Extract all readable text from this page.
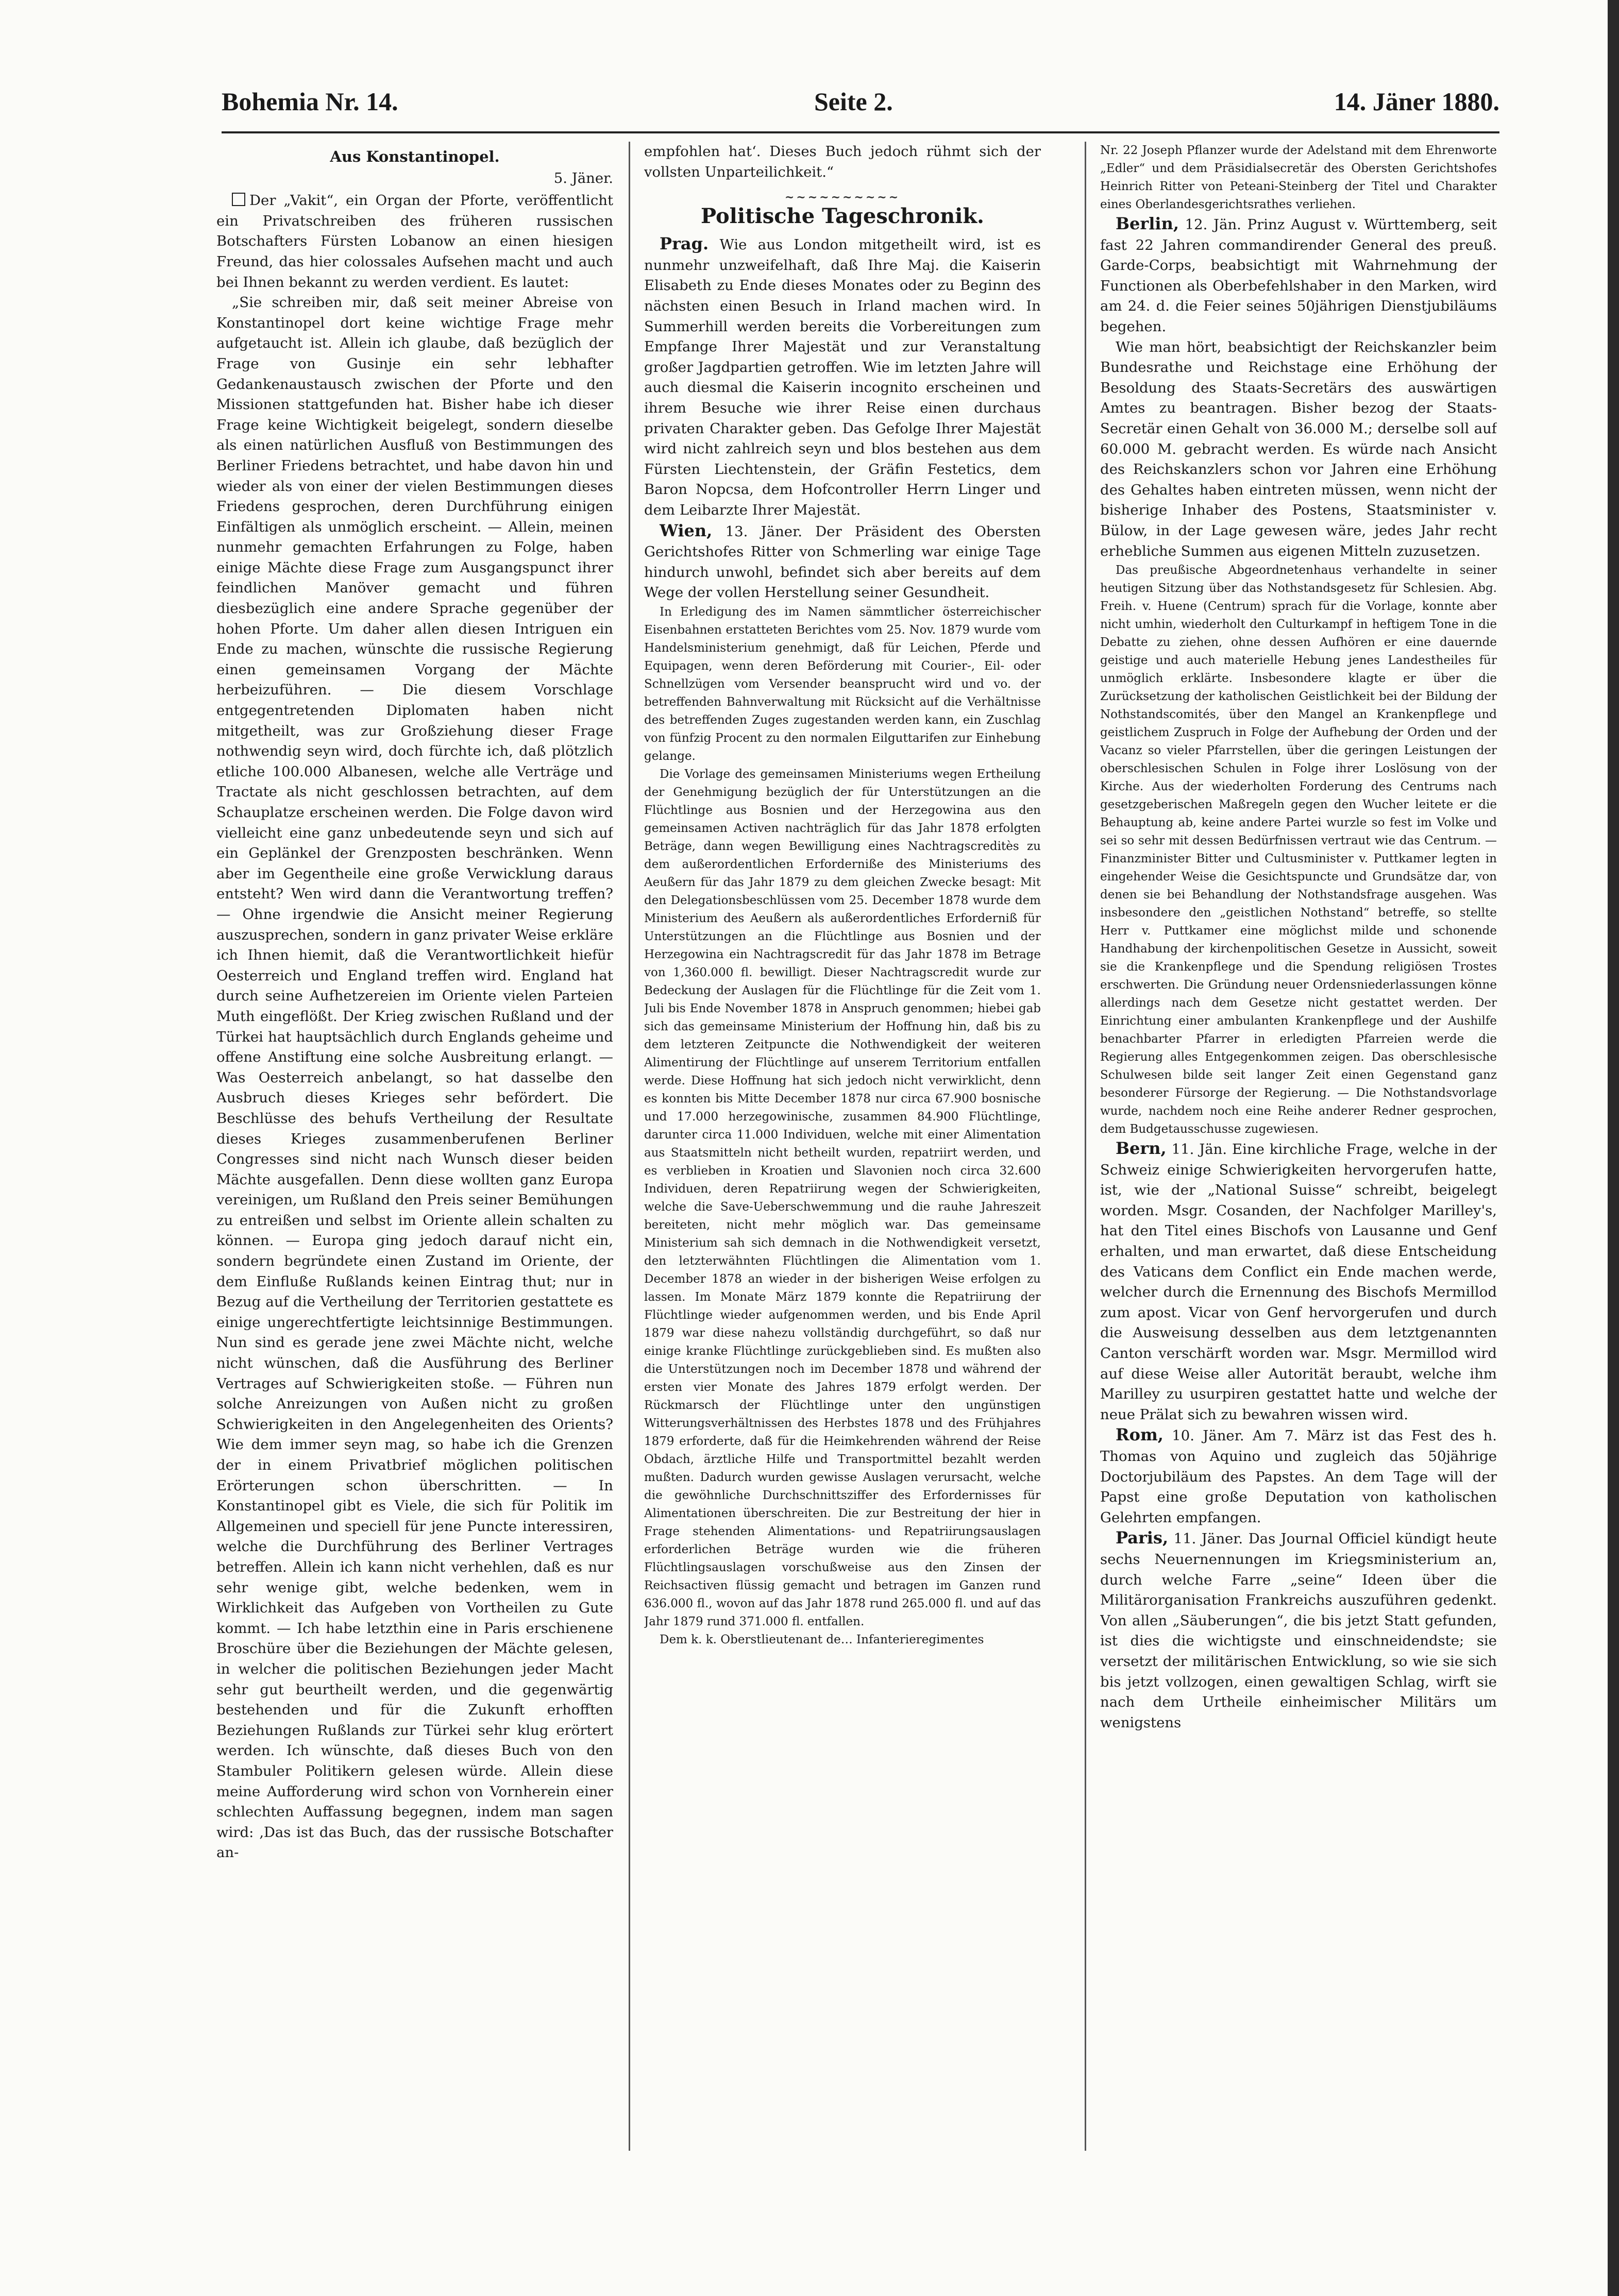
Bohemia Nr. 14.	Seite 2.	14. Jäner 1880.
Aus Konstantinopel.
5. Jäner.

Der „Vakit“, ein Organ der Pforte, veröffentlicht ein Privatschreiben des früheren russischen Botschafters Fürsten Lobanow an einen hiesigen Freund, das hier colossales Aufsehen macht und auch bei Ihnen bekannt zu werden verdient. Es lautet:

„Sie schreiben mir, daß seit meiner Abreise von Konstantinopel dort keine wichtige Frage mehr aufgetaucht ist. Allein ich glaube, daß bezüglich der Frage von Gusinje ein sehr lebhafter Gedankenaustausch zwischen der Pforte und den Missionen stattgefunden hat. Bisher habe ich dieser Frage keine Wichtigkeit beigelegt, sondern dieselbe als einen natürlichen Ausfluß von Bestimmungen des Berliner Friedens betrachtet, und habe davon hin und wieder als von einer der vielen Bestimmungen dieses Friedens gesprochen, deren Durchführung einigen Einfältigen als unmöglich erscheint. — Allein, meinen nunmehr gemachten Erfahrungen zu Folge, haben einige Mächte diese Frage zum Ausgangspunct ihrer feindlichen Manöver gemacht und führen diesbezüglich eine andere Sprache gegenüber der hohen Pforte. Um daher allen diesen Intriguen ein Ende zu machen, wünschte die russische Regierung einen gemeinsamen Vorgang der Mächte herbeizuführen. — Die diesem Vorschlage entgegentretenden Diplomaten haben nicht mitgetheilt, was zur Großziehung dieser Frage nothwendig seyn wird, doch fürchte ich, daß plötzlich etliche 100.000 Albanesen, welche alle Verträge und Tractate als nicht geschlossen betrachten, auf dem Schauplatze erscheinen werden. Die Folge davon wird vielleicht eine ganz unbedeutende seyn und sich auf ein Geplänkel der Grenzposten beschränken. Wenn aber im Gegentheile eine große Verwicklung daraus entsteht? Wen wird dann die Verantwortung treffen? — Ohne irgendwie die Ansicht meiner Regierung auszusprechen, sondern in ganz privater Weise erkläre ich Ihnen hiemit, daß die Verantwortlichkeit hiefür Oesterreich und England treffen wird. England hat durch seine Aufhetzereien im Oriente vielen Parteien Muth eingeflößt. Der Krieg zwischen Rußland und der Türkei hat hauptsächlich durch Englands geheime und offene Anstiftung eine solche Ausbreitung erlangt. — Was Oesterreich anbelangt, so hat dasselbe den Ausbruch dieses Krieges sehr befördert. Die Beschlüsse des behufs Vertheilung der Resultate dieses Krieges zusammenberufenen Berliner Congresses sind nicht nach Wunsch dieser beiden Mächte ausgefallen. Denn diese wollten ganz Europa vereinigen, um Rußland den Preis seiner Bemühungen zu entreißen und selbst im Oriente allein schalten zu können. — Europa ging jedoch darauf nicht ein, sondern begründete einen Zustand im Oriente, der dem Einfluße Rußlands keinen Eintrag thut; nur in Bezug auf die Vertheilung der Territorien gestattete es einige ungerechtfertigte leichtsinnige Bestimmungen. Nun sind es gerade jene zwei Mächte nicht, welche nicht wünschen, daß die Ausführung des Berliner Vertrages auf Schwierigkeiten stoße. — Führen nun solche Anreizungen von Außen nicht zu großen Schwierigkeiten in den Angelegenheiten des Orients? Wie dem immer seyn mag, so habe ich die Grenzen der in einem Privatbrief möglichen politischen Erörterungen schon überschritten. — In Konstantinopel gibt es Viele, die sich für Politik im Allgemeinen und speciell für jene Puncte interessiren, welche die Durchführung des Berliner Vertrages betreffen. Allein ich kann nicht verhehlen, daß es nur sehr wenige gibt, welche bedenken, wem in Wirklichkeit das Aufgeben von Vortheilen zu Gute kommt. — Ich habe letzthin eine in Paris erschienene Broschüre über die Beziehungen der Mächte gelesen, in welcher die politischen Beziehungen jeder Macht sehr gut beurtheilt werden, und die gegenwärtig bestehenden und für die Zukunft erhofften Beziehungen Rußlands zur Türkei sehr klug erörtert werden. Ich wünschte, daß dieses Buch von den Stambuler Politikern gelesen würde. Allein diese meine Aufforderung wird schon von Vornherein einer schlechten Auffassung begegnen, indem man sagen wird: ‚Das ist das Buch, das der russische Botschafter an-

empfohlen hat‘. Dieses Buch jedoch rühmt sich der vollsten Unparteilichkeit.“

~~~~~~~~~~
Politische Tageschronik.

Prag. Wie aus London mitgetheilt wird, ist es nunmehr unzweifelhaft, daß Ihre Maj. die Kaiserin Elisabeth zu Ende dieses Monates oder zu Beginn des nächsten einen Besuch in Irland machen wird. In Summerhill werden bereits die Vorbereitungen zum Empfange Ihrer Majestät und zur Veranstaltung großer Jagdpartien getroffen. Wie im letzten Jahre will auch diesmal die Kaiserin incognito erscheinen und ihrem Besuche wie ihrer Reise einen durchaus privaten Charakter geben. Das Gefolge Ihrer Majestät wird nicht zahlreich seyn und blos bestehen aus dem Fürsten Liechtenstein, der Gräfin Festetics, dem Baron Nopcsa, dem Hofcontroller Herrn Linger und dem Leibarzte Ihrer Majestät.

Wien, 13. Jäner. Der Präsident des Obersten Gerichtshofes Ritter von Schmerling war einige Tage hindurch unwohl, befindet sich aber bereits auf dem Wege der vollen Herstellung seiner Gesundheit.

In Erledigung des im Namen sämmtlicher österreichischer Eisenbahnen erstatteten Berichtes vom 25. Nov. 1879 wurde vom Handelsministerium genehmigt, daß für Leichen, Pferde und Equipagen, wenn deren Beförderung mit Courier-, Eil- oder Schnellzügen vom Versender beansprucht wird und vo. der betreffenden Bahnverwaltung mit Rücksicht auf die Verhältnisse des betreffenden Zuges zugestanden werden kann, ein Zuschlag von fünfzig Procent zu den normalen Eilguttarifen zur Einhebung gelange.

Die Vorlage des gemeinsamen Ministeriums wegen Ertheilung der Genehmigung bezüglich der für Unterstützungen an die Flüchtlinge aus Bosnien und der Herzegowina aus den gemeinsamen Activen nachträglich für das Jahr 1878 erfolgten Beträge, dann wegen Bewilligung eines Nachtragscreditès zu dem außerordentlichen Erforderniße des Ministeriums des Aeußern für das Jahr 1879 zu dem gleichen Zwecke besagt: Mit den Delegationsbeschlüssen vom 25. December 1878 wurde dem Ministerium des Aeußern als außerordentliches Erforderniß für Unterstützungen an die Flüchtlinge aus Bosnien und der Herzegowina ein Nachtragscredit für das Jahr 1878 im Betrage von 1,360.000 fl. bewilligt. Dieser Nachtragscredit wurde zur Bedeckung der Auslagen für die Flüchtlinge für die Zeit vom 1. Juli bis Ende November 1878 in Anspruch genommen; hiebei gab sich das gemeinsame Ministerium der Hoffnung hin, daß bis zu dem letzteren Zeitpuncte die Nothwendigkeit der weiteren Alimentirung der Flüchtlinge auf unserem Territorium entfallen werde. Diese Hoffnung hat sich jedoch nicht verwirklicht, denn es konnten bis Mitte December 1878 nur circa 67.900 bosnische und 17.000 herzegowinische, zusammen 84.900 Flüchtlinge, darunter circa 11.000 Individuen, welche mit einer Alimentation aus Staatsmitteln nicht betheilt wurden, repatriirt werden, und es verblieben in Kroatien und Slavonien noch circa 32.600 Individuen, deren Repatriirung wegen der Schwierigkeiten, welche die Save-Ueberschwemmung und die rauhe Jahreszeit bereiteten, nicht mehr möglich war. Das gemeinsame Ministerium sah sich demnach in die Nothwendigkeit versetzt, den letzterwähnten Flüchtlingen die Alimentation vom 1. December 1878 an wieder in der bisherigen Weise erfolgen zu lassen. Im Monate März 1879 konnte die Repatriirung der Flüchtlinge wieder aufgenommen werden, und bis Ende April 1879 war diese nahezu vollständig durchgeführt, so daß nur einige kranke Flüchtlinge zurückgeblieben sind. Es mußten also die Unterstützungen noch im December 1878 und während der ersten vier Monate des Jahres 1879 erfolgt werden. Der Rückmarsch der Flüchtlinge unter den ungünstigen Witterungsverhältnissen des Herbstes 1878 und des Frühjahres 1879 erforderte, daß für die Heimkehrenden während der Reise Obdach, ärztliche Hilfe und Transportmittel bezahlt werden mußten. Dadurch wurden gewisse Auslagen verursacht, welche die gewöhnliche Durchschnittsziffer des Erfordernisses für Alimentationen überschreiten. Die zur Bestreitung der hier in Frage stehenden Alimentations- und Repatriirungsauslagen erforderlichen Beträge wurden wie die früheren Flüchtlingsauslagen vorschußweise aus den Zinsen der Reichsactiven flüssig gemacht und betragen im Ganzen rund 636.000 fl., wovon auf das Jahr 1878 rund 265.000 fl. und auf das Jahr 1879 rund 371.000 fl. entfallen.

Dem k. k. Oberstlieutenant de… Infanterieregimentes

Nr. 22 Joseph Pflanzer wurde der Adelstand mit dem Ehrenworte „Edler“ und dem Präsidialsecretär des Obersten Gerichtshofes Heinrich Ritter von Peteani-Steinberg der Titel und Charakter eines Oberlandesgerichtsrathes verliehen.

Berlin, 12. Jän. Prinz August v. Württemberg, seit fast 22 Jahren commandirender General des preuß. Garde-Corps, beabsichtigt mit Wahrnehmung der Functionen als Oberbefehlshaber in den Marken, wird am 24. d. die Feier seines 50jährigen Dienstjubiläums begehen.

Wie man hört, beabsichtigt der Reichskanzler beim Bundesrathe und Reichstage eine Erhöhung der Besoldung des Staats-Secretärs des auswärtigen Amtes zu beantragen. Bisher bezog der Staats-Secretär einen Gehalt von 36.000 M.; derselbe soll auf 60.000 M. gebracht werden. Es würde nach Ansicht des Reichskanzlers schon vor Jahren eine Erhöhung des Gehaltes haben eintreten müssen, wenn nicht der bisherige Inhaber des Postens, Staatsminister v. Bülow, in der Lage gewesen wäre, jedes Jahr recht erhebliche Summen aus eigenen Mitteln zuzusetzen.

Das preußische Abgeordnetenhaus verhandelte in seiner heutigen Sitzung über das Nothstandsgesetz für Schlesien. Abg. Freih. v. Huene (Centrum) sprach für die Vorlage, konnte aber nicht umhin, wiederholt den Culturkampf in heftigem Tone in die Debatte zu ziehen, ohne dessen Aufhören er eine dauernde geistige und auch materielle Hebung jenes Landestheiles für unmöglich erklärte. Insbesondere klagte er über die Zurücksetzung der katholischen Geistlichkeit bei der Bildung der Nothstandscomités, über den Mangel an Krankenpflege und geistlichem Zuspruch in Folge der Aufhebung der Orden und der Vacanz so vieler Pfarrstellen, über die geringen Leistungen der oberschlesischen Schulen in Folge ihrer Loslösung von der Kirche. Aus der wiederholten Forderung des Centrums nach gesetzgeberischen Maßregeln gegen den Wucher leitete er die Behauptung ab, keine andere Partei wurzle so fest im Volke und sei so sehr mit dessen Bedürfnissen vertraut wie das Centrum. — Finanzminister Bitter und Cultusminister v. Puttkamer legten in eingehender Weise die Gesichtspuncte und Grundsätze dar, von denen sie bei Behandlung der Nothstandsfrage ausgehen. Was insbesondere den „geistlichen Nothstand“ betreffe, so stellte Herr v. Puttkamer eine möglichst milde und schonende Handhabung der kirchenpolitischen Gesetze in Aussicht, soweit sie die Krankenpflege und die Spendung religiösen Trostes erschwerten. Die Gründung neuer Ordensniederlassungen könne allerdings nach dem Gesetze nicht gestattet werden. Der Einrichtung einer ambulanten Krankenpflege und der Aushilfe benachbarter Pfarrer in erledigten Pfarreien werde die Regierung alles Entgegenkommen zeigen. Das oberschlesische Schulwesen bilde seit langer Zeit einen Gegenstand ganz besonderer Fürsorge der Regierung. — Die Nothstandsvorlage wurde, nachdem noch eine Reihe anderer Redner gesprochen, dem Budgetausschusse zugewiesen.

Bern, 11. Jän. Eine kirchliche Frage, welche in der Schweiz einige Schwierigkeiten hervorgerufen hatte, ist, wie der „National Suisse“ schreibt, beigelegt worden. Msgr. Cosanden, der Nachfolger Marilley's, hat den Titel eines Bischofs von Lausanne und Genf erhalten, und man erwartet, daß diese Entscheidung des Vaticans dem Conflict ein Ende machen werde, welcher durch die Ernennung des Bischofs Mermillod zum apost. Vicar von Genf hervorgerufen und durch die Ausweisung desselben aus dem letztgenannten Canton verschärft worden war. Msgr. Mermillod wird auf diese Weise aller Autorität beraubt, welche ihm Marilley zu usurpiren gestattet hatte und welche der neue Prälat sich zu bewahren wissen wird.

Rom, 10. Jäner. Am 7. März ist das Fest des h. Thomas von Aquino und zugleich das 50jährige Doctorjubiläum des Papstes. An dem Tage will der Papst eine große Deputation von katholischen Gelehrten empfangen.

Paris, 11. Jäner. Das Journal Officiel kündigt heute sechs Neuernennungen im Kriegsministerium an, durch welche Farre „seine“ Ideen über die Militärorganisation Frankreichs auszuführen gedenkt. Von allen „Säuberungen“, die bis jetzt Statt gefunden, ist dies die wichtigste und einschneidendste; sie versetzt der militärischen Entwicklung, so wie sie sich bis jetzt vollzogen, einen gewaltigen Schlag, wirft sie nach dem Urtheile einheimischer Militärs um wenigstens
